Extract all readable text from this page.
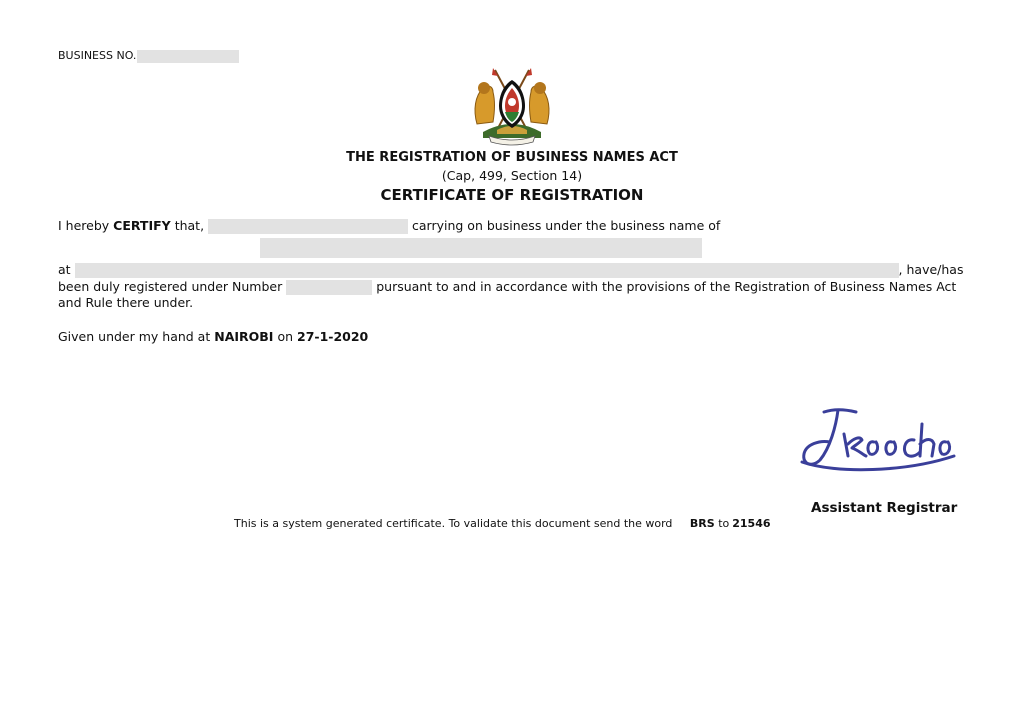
BUSINESS NO.
THE REGISTRATION OF BUSINESS NAMES ACT
(Cap, 499, Section 14)
CERTIFICATE OF REGISTRATION
I hereby CERTIFY that,	carrying on business under the business name of
at	, have/has
been duly registered under Number	pursuant to and in accordance with the provisions of the Registration of Business Names Act
and Rule there under.
Given under my hand at NAIROBI on 27-1-2020
Assistant Registrar
This is a system generated certificate. To validate this document send the word BRS to 21546
